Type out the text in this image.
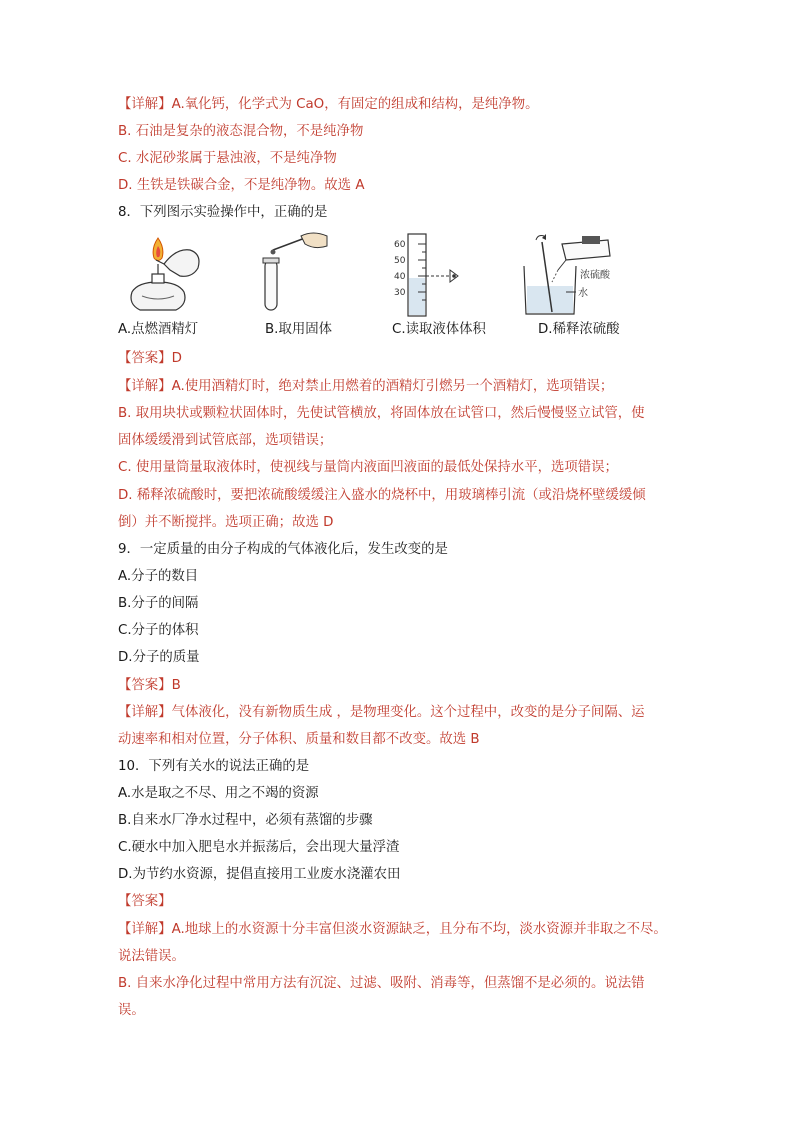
【详解】A.氧化钙，化学式为 CaO，有固定的组成和结构，是纯净物。
B. 石油是复杂的液态混合物，不是纯净物
C. 水泥砂浆属于悬浊液，不是纯净物
D. 生铁是铁碳合金，不是纯净物。故选 A
8．下列图示实验操作中，正确的是
【答案】D
【详解】A.使用酒精灯时，绝对禁止用燃着的酒精灯引燃另一个酒精灯，选项错误；
B. 取用块状或颗粒状固体时，先使试管横放，将固体放在试管口，然后慢慢竖立试管，使
固体缓缓滑到试管底部，选项错误；
C. 使用量筒量取液体时，使视线与量筒内液面凹液面的最低处保持水平，选项错误；
D. 稀释浓硫酸时，要把浓硫酸缓缓注入盛水的烧杯中，用玻璃棒引流（或沿烧杯壁缓缓倾
倒）并不断搅拌。选项正确；故选 D
9．一定质量的由分子构成的气体液化后，发生改变的是
A.分子的数目
B.分子的间隔
C.分子的体积
D.分子的质量
【答案】B
【详解】气体液化，没有新物质生成 ，是物理变化。这个过程中，改变的是分子间隔、运
动速率和相对位置，分子体积、质量和数目都不改变。故选 B
10．下列有关水的说法正确的是
A.水是取之不尽、用之不竭的资源
B.自来水厂净水过程中，必须有蒸馏的步骤
C.硬水中加入肥皂水并振荡后，会出现大量浮渣
D.为节约水资源，提倡直接用工业废水浇灌农田
【答案】
【详解】A.地球上的水资源十分丰富但淡水资源缺乏，且分布不均，淡水资源并非取之不尽。
说法错误。
B. 自来水净化过程中常用方法有沉淀、过滤、吸附、消毒等，但蒸馏不是必须的。说法错
误。
60
50
40
30
浓硫酸
水
A.点燃酒精灯	B.取用固体	C.读取液体体积	D.稀释浓硫酸
